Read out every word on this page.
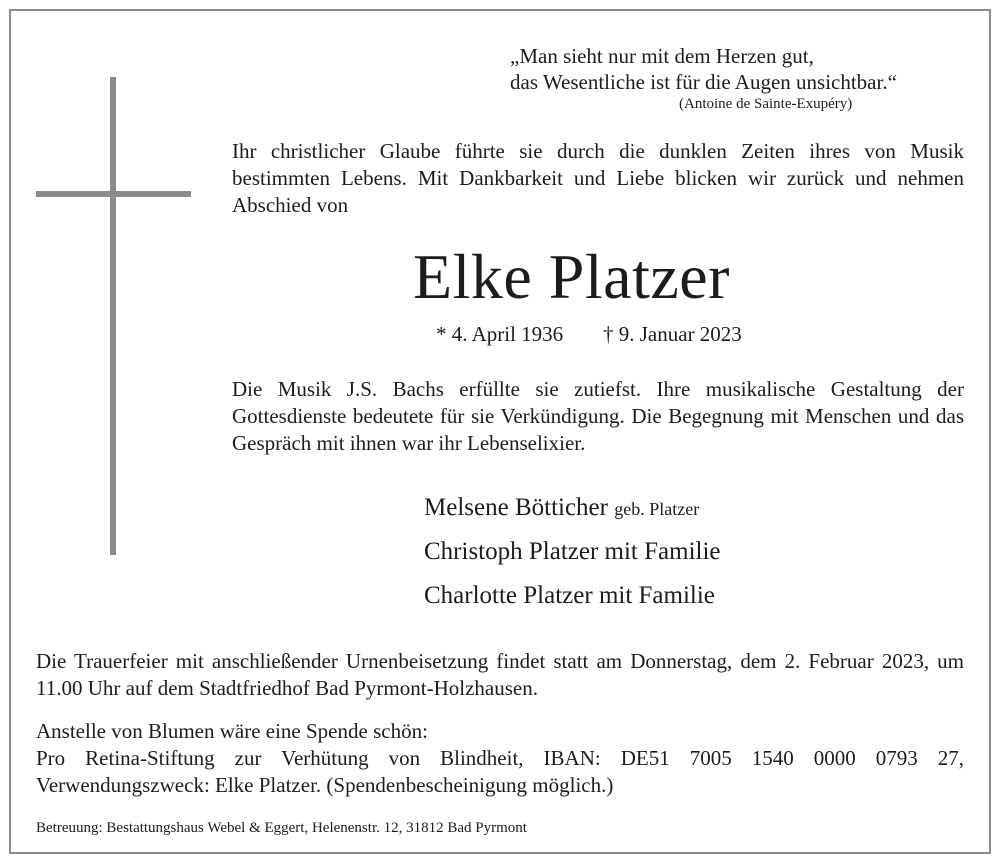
„Man sieht nur mit dem Herzen gut,
das Wesentliche ist für die Augen unsichtbar.“
(Antoine de Sainte-Exupéry)
Ihr christlicher Glaube führte sie durch die dunklen Zeiten ihres von Musik bestimmten Lebens. Mit Dankbarkeit und Liebe blicken wir zurück und nehmen Abschied von
Elke Platzer
* 4. April 1936 † 9. Januar 2023
Die Musik J.S. Bachs erfüllte sie zutiefst. Ihre musikalische Gestaltung der Gottesdienste bedeutete für sie Verkündigung. Die Begegnung mit Menschen und das Gespräch mit ihnen war ihr Lebenselixier.
Melsene Bötticher geb. Platzer
Christoph Platzer mit Familie
Charlotte Platzer mit Familie
Die Trauerfeier mit anschließender Urnenbeisetzung findet statt am Donnerstag, dem 2. Februar 2023, um 11.00 Uhr auf dem Stadtfriedhof Bad Pyrmont-Holzhausen.
Anstelle von Blumen wäre eine Spende schön:
Pro Retina-Stiftung zur Verhütung von Blindheit, IBAN: DE51 7005 1540 0000 0793 27, Verwendungszweck: Elke Platzer. (Spendenbescheinigung möglich.)
Betreuung: Bestattungshaus Webel & Eggert, Helenenstr. 12, 31812 Bad Pyrmont
